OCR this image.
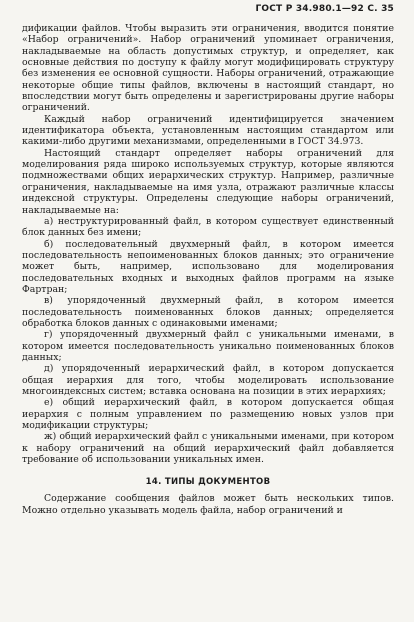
ГОСТ Р 34.980.1—92 С. 35

дификации файлов. Чтобы выразить эти ограничения, вводится понятие «Набор ограничений». Набор ограничений упоминает ограничения, накладываемые на область допустимых структур, и определяет, как основные действия по доступу к файлу могут модифицировать структуру без изменения ее основной сущности. Наборы ограничений, отражающие некоторые общие типы файлов, включены в настоящий стандарт, но впоследствии могут быть определены и зарегистрированы другие наборы ограничений.

Каждый набор ограничений идентифицируется значением идентификатора объекта, установленным настоящим стандартом или какими-либо другими механизмами, определенными в ГОСТ 34.973.

Настоящий стандарт определяет наборы ограничений для моделирования ряда широко используемых структур, которые являются подмножествами общих иерархических структур. Например, различные ограничения, накладываемые на имя узла, отражают различные классы индексной структуры. Определены следующие наборы ограничений, накладываемые на:

а) неструктурированный файл, в котором существует единственный блок данных без имени;

б) последовательный двухмерный файл, в котором имеется последовательность непоименованных блоков данных; это ограничение может быть, например, использовано для моделирования последовательных входных и выходных файлов программ на языке Фартран;

в) упорядоченный двухмерный файл, в котором имеется последовательность поименованных блоков данных; определяется обработка блоков данных с одинаковыми именами;

г) упорядоченный двухмерный файл с уникальными именами, в котором имеется последовательность уникально поименованных блоков данных;

д) упорядоченный иерархический файл, в котором допускается общая иерархия для того, чтобы моделировать использование многоиндексных систем; вставка основана на позиции в этих иерархиях;

е) общий иерархический файл, в котором допускается общая иерархия с полным управлением по размещению новых узлов при модификации структуры;

ж) общий иерархический файл с уникальными именами, при котором к набору ограничений на общий иерархический файл добавляется требование об использовании уникальных имен.

14. ТИПЫ ДОКУМЕНТОВ

Содержание сообщения файлов может быть нескольких типов. Можно отдельно указывать модель файла, набор ограничений и
